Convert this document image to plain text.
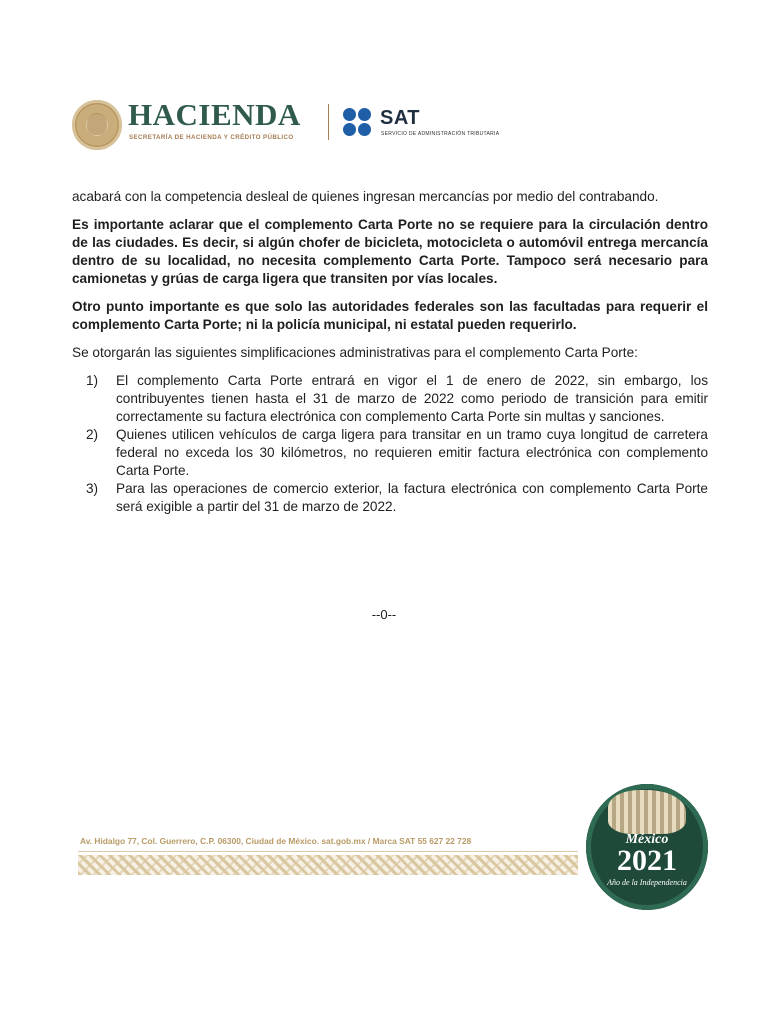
HACIENDA
SECRETARÍA DE HACIENDA Y CRÉDITO PÚBLICO
SAT
SERVICIO DE ADMINISTRACIÓN TRIBUTARIA

acabará con la competencia desleal de quienes ingresan mercancías por medio del contrabando.

Es importante aclarar que el complemento Carta Porte no se requiere para la circulación dentro de las ciudades. Es decir, si algún chofer de bicicleta, motocicleta o automóvil entrega mercancía dentro de su localidad, no necesita complemento Carta Porte. Tampoco será necesario para camionetas y grúas de carga ligera que transiten por vías locales.

Otro punto importante es que solo las autoridades federales son las facultadas para requerir el complemento Carta Porte; ni la policía municipal, ni estatal pueden requerirlo.

Se otorgarán las siguientes simplificaciones administrativas para el complemento Carta Porte:

1) El complemento Carta Porte entrará en vigor el 1 de enero de 2022, sin embargo, los contribuyentes tienen hasta el 31 de marzo de 2022 como periodo de transición para emitir correctamente su factura electrónica con complemento Carta Porte sin multas y sanciones.
2) Quienes utilicen vehículos de carga ligera para transitar en un tramo cuya longitud de carretera federal no exceda los 30 kilómetros, no requieren emitir factura electrónica con complemento Carta Porte.
3) Para las operaciones de comercio exterior, la factura electrónica con complemento Carta Porte será exigible a partir del 31 de marzo de 2022.
--0--
Av. Hidalgo 77, Col. Guerrero, C.P. 06300, Ciudad de México. sat.gob.mx / Marca SAT 55 627 22 728	México
2021
Año de la Independencia
